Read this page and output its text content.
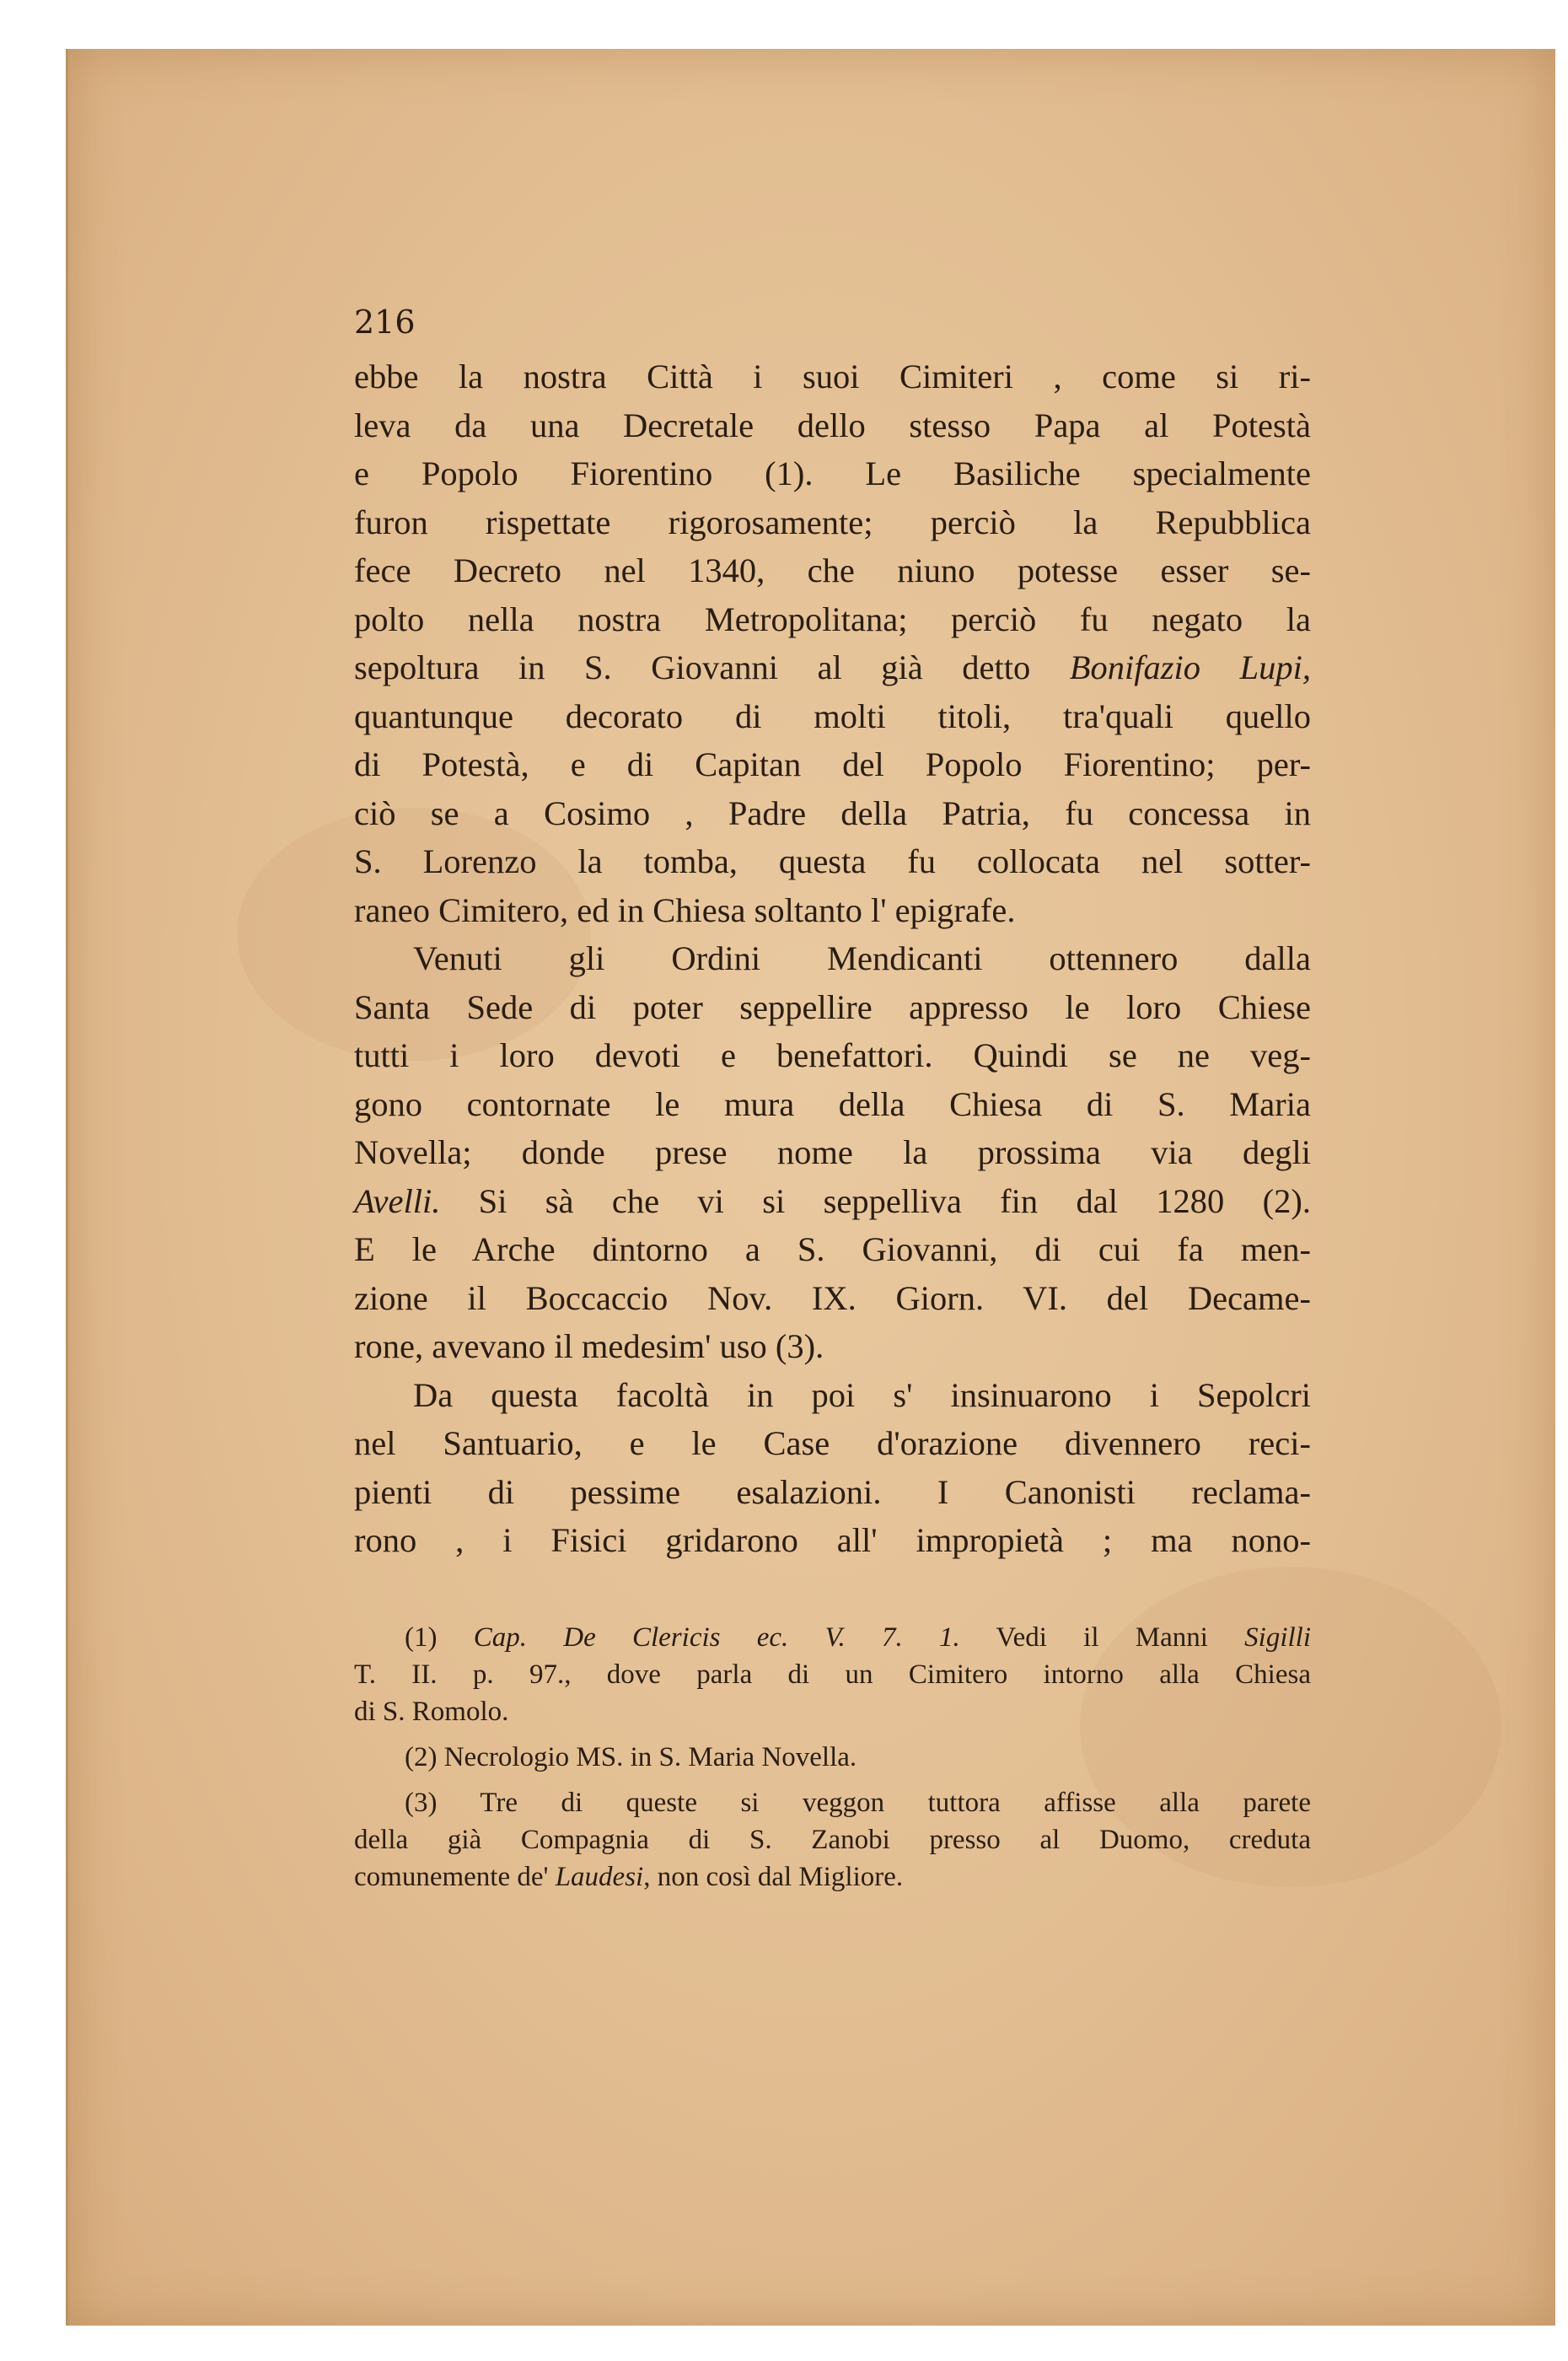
216
ebbe la nostra Città i suoi Cimiteri , come si ri-
leva da una Decretale dello stesso Papa al Potestà
e Popolo Fiorentino (1). Le Basiliche specialmente
furon rispettate rigorosamente; perciò la Repubblica
fece Decreto nel 1340, che niuno potesse esser se-
polto nella nostra Metropolitana; perciò fu negato la
sepoltura in S. Giovanni al già detto Bonifazio Lupi,
quantunque decorato di molti titoli, tra'quali quello
di Potestà, e di Capitan del Popolo Fiorentino; per-
ciò se a Cosimo , Padre della Patria, fu concessa in
S. Lorenzo la tomba, questa fu collocata nel sotter-
raneo Cimitero, ed in Chiesa soltanto l' epigrafe.
Venuti gli Ordini Mendicanti ottennero dalla
Santa Sede di poter seppellire appresso le loro Chiese
tutti i loro devoti e benefattori. Quindi se ne veg-
gono contornate le mura della Chiesa di S. Maria
Novella; donde prese nome la prossima via degli
Avelli. Si sà che vi si seppelliva fin dal 1280 (2).
E le Arche dintorno a S. Giovanni, di cui fa men-
zione il Boccaccio Nov. IX. Giorn. VI. del Decame-
rone, avevano il medesim' uso (3).
Da questa facoltà in poi s' insinuarono i Sepolcri
nel Santuario, e le Case d'orazione divennero reci-
pienti di pessime esalazioni. I Canonisti reclama-
rono , i Fisici gridarono all' impropietà ; ma nono-
(1) Cap. De Clericis ec. V. 7. 1. Vedi il Manni Sigilli
T. II. p. 97., dove parla di un Cimitero intorno alla Chiesa
di S. Romolo.
(2) Necrologio MS. in S. Maria Novella.
(3) Tre di queste si veggon tuttora affisse alla parete
della già Compagnia di S. Zanobi presso al Duomo, creduta
comunemente de' Laudesi, non così dal Migliore.
